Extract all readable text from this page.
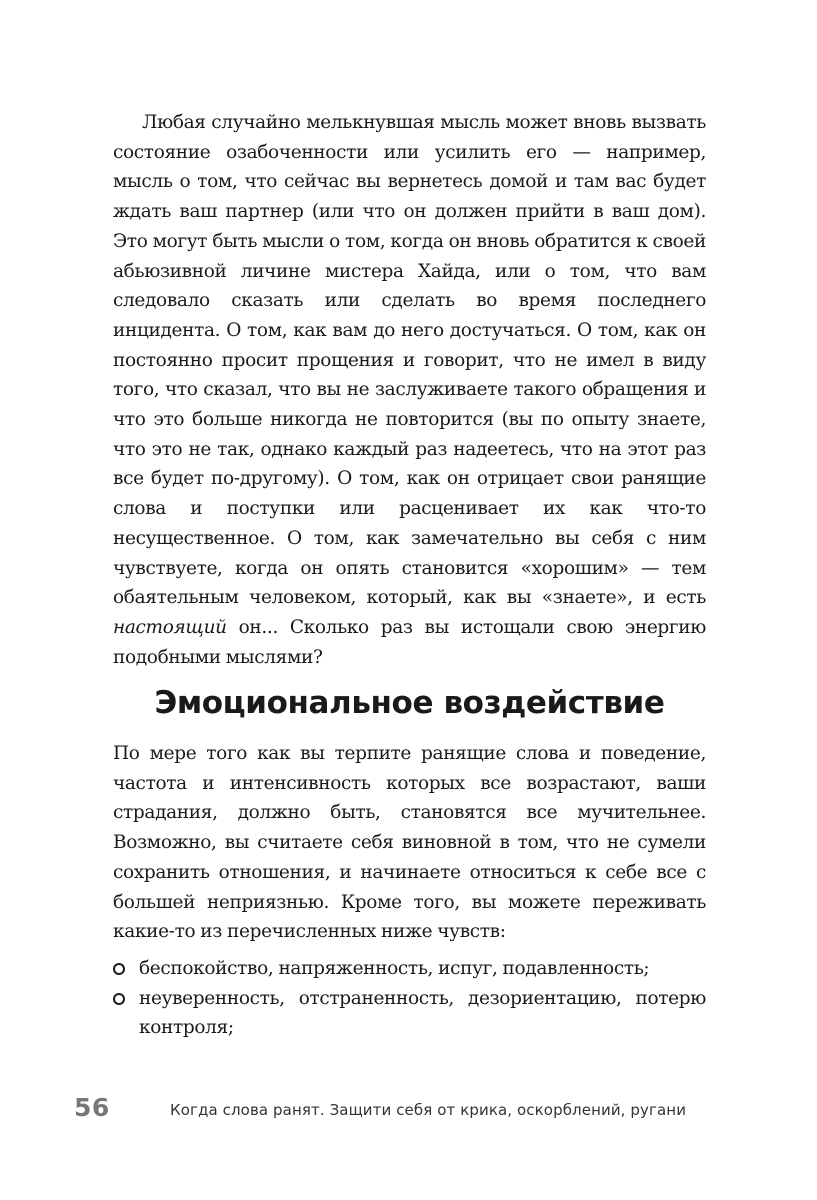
Любая случайно мелькнувшая мысль может вновь вызвать состояние озабоченности или усилить его — например, мысль о том, что сейчас вы вернетесь домой и там вас будет ждать ваш партнер (или что он должен прийти в ваш дом). Это могут быть мысли о том, когда он вновь обратится к своей абьюзивной личине мистера Хайда, или о том, что вам следовало сказать или сделать во время последнего инцидента. О том, как вам до него достучаться. О том, как он постоянно просит прощения и говорит, что не имел в виду того, что сказал, что вы не заслуживаете такого обращения и что это больше никогда не повторится (вы по опыту знаете, что это не так, однако каждый раз надеетесь, что на этот раз все будет по-другому). О том, как он отрицает свои ранящие слова и поступки или расценивает их как что-то несущественное. О том, как замечательно вы себя с ним чувствуете, когда он опять становится «хорошим» — тем обаятельным человеком, который, как вы «знаете», и есть настоящий он... Сколько раз вы истощали свою энергию подобными мыслями?

Эмоциональное воздействие

По мере того как вы терпите ранящие слова и поведение, частота и интенсивность которых все возрастают, ваши страдания, должно быть, становятся все мучительнее. Возможно, вы считаете себя виновной в том, что не сумели сохранить отношения, и начинаете относиться к себе все с большей неприязнью. Кроме того, вы можете переживать какие-то из перечисленных ниже чувств:

беспокойство, напряженность, испуг, подавленность;
неуверенность, отстраненность, дезориентацию, потерю контроля;
56	Когда слова ранят. Защити себя от крика, оскорблений, ругани
